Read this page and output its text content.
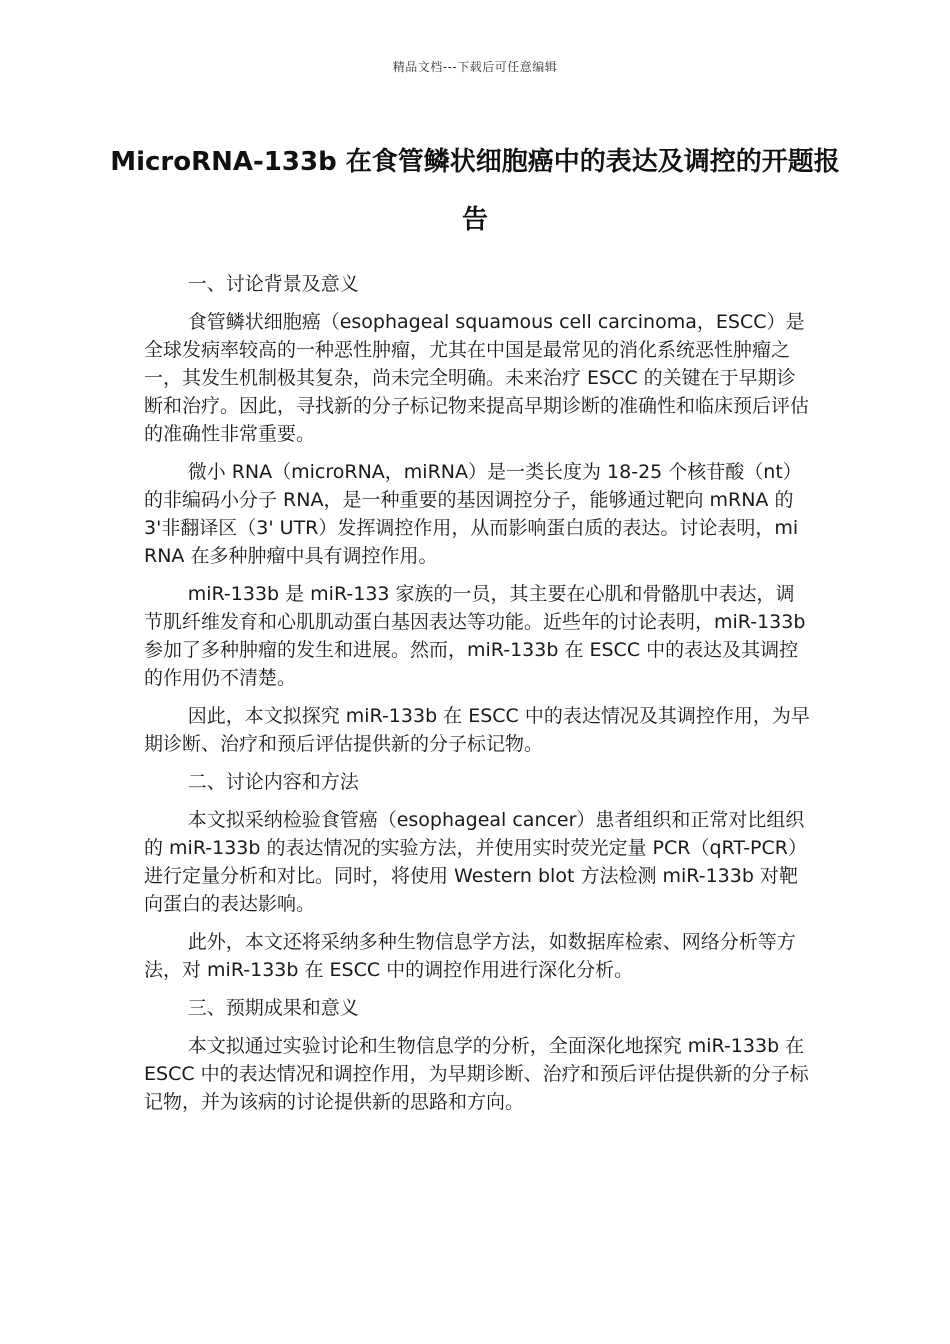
精品文档---下载后可任意编辑
MicroRNA-133b 在食管鳞状细胞癌中的表达及调控的开题报告

一、讨论背景及意义

食管鳞状细胞癌（esophageal squamous cell carcinoma，ESCC）是全球发病率较高的一种恶性肿瘤，尤其在中国是最常见的消化系统恶性肿瘤之一，其发生机制极其复杂，尚未完全明确。未来治疗 ESCC 的关键在于早期诊断和治疗。因此，寻找新的分子标记物来提高早期诊断的准确性和临床预后评估的准确性非常重要。

微小 RNA（microRNA，miRNA）是一类长度为 18-25 个核苷酸（nt）的非编码小分子 RNA，是一种重要的基因调控分子，能够通过靶向 mRNA 的 3'非翻译区（3' UTR）发挥调控作用，从而影响蛋白质的表达。讨论表明，miRNA 在多种肿瘤中具有调控作用。

miR-133b 是 miR-133 家族的一员，其主要在心肌和骨骼肌中表达，调节肌纤维发育和心肌肌动蛋白基因表达等功能。近些年的讨论表明，miR-133b 参加了多种肿瘤的发生和进展。然而，miR-133b 在 ESCC 中的表达及其调控的作用仍不清楚。

因此，本文拟探究 miR-133b 在 ESCC 中的表达情况及其调控作用，为早期诊断、治疗和预后评估提供新的分子标记物。

二、讨论内容和方法

本文拟采纳检验食管癌（esophageal cancer）患者组织和正常对比组织的 miR-133b 的表达情况的实验方法，并使用实时荧光定量 PCR（qRT-PCR）进行定量分析和对比。同时，将使用 Western blot 方法检测 miR-133b 对靶向蛋白的表达影响。

此外，本文还将采纳多种生物信息学方法，如数据库检索、网络分析等方法，对 miR-133b 在 ESCC 中的调控作用进行深化分析。

三、预期成果和意义

本文拟通过实验讨论和生物信息学的分析，全面深化地探究 miR-133b 在 ESCC 中的表达情况和调控作用，为早期诊断、治疗和预后评估提供新的分子标记物，并为该病的讨论提供新的思路和方向。
